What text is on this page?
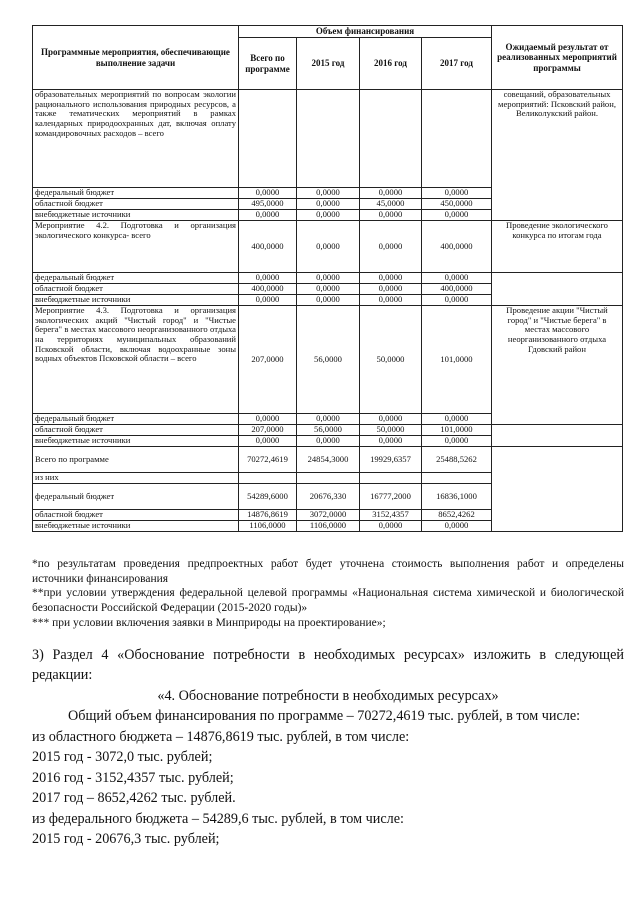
Программные мероприятия, обеспечивающие выполнение задачи	Объем финансирования				Ожидаемый результат от реализованных мероприятий программы
	Всего по программе	2015 год	2016 год	2017 год	
образовательных мероприятий по вопросам экологии рационального использования природных ресурсов, а также тематических мероприятий в рамках календарных природоохранных дат, включая оплату командировочных расходов – всего					совещаний, образовательных мероприятий: Псковский район, Великолукский район.
федеральный бюджет	0,0000	0,0000	0,0000	0,0000	
областной бюджет	495,0000	0,0000	45,0000	450,0000	
внебюджетные источники	0,0000	0,0000	0,0000	0,0000	
Мероприятие 4.2. Подготовка и организация экологического конкурса- всего	400,0000	0,0000	0,0000	400,0000	Проведение экологического конкурса по итогам года
федеральный бюджет	0,0000	0,0000	0,0000	0,0000	
областной бюджет	400,0000	0,0000	0,0000	400,0000	
внебюджетные источники	0,0000	0,0000	0,0000	0,0000	
Мероприятие 4.3. Подготовка и организация экологических акций "Чистый город" и "Чистые берега" в местах массового неорганизованного отдыха на территориях муниципальных образований Псковской области, включая водоохранные зоны водных объектов Псковской области – всего	207,0000	56,0000	50,0000	101,0000	Проведение акции "Чистый город" и "Чистые берега" в местах массового неорганизованного отдыха Гдовский район
федеральный бюджет	0,0000	0,0000	0,0000	0,0000	
областной бюджет	207,0000	56,0000	50,0000	101,0000	
внебюджетные источники	0,0000	0,0000	0,0000	0,0000	
Всего по программе	70272,4619	24854,3000	19929,6357	25488,5262	
из них					
федеральный бюджет	54289,6000	20676,330	16777,2000	16836,1000	
областной бюджет	14876,8619	3072,0000	3152,4357	8652,4262	
внебюджетные источники	1106,0000	1106,0000	0,0000	0,0000	

*по результатам проведения предпроектных работ будет уточнена стоимость выполнения работ и определены источники финансирования

**при условии утверждения федеральной целевой программы «Национальная система химической и биологической безопасности Российской Федерации (2015-2020 годы)»

*** при условии включения заявки в Минприроды на проектирование»;

3) Раздел 4 «Обоснование потребности в необходимых ресурсах» изложить в следующей редакции:

«4. Обоснование потребности в необходимых ресурсах»

Общий объем финансирования по программе – 70272,4619 тыс. рублей, в том числе:

из областного бюджета – 14876,8619 тыс. рублей, в том числе:

2015 год - 3072,0 тыс. рублей;

2016 год - 3152,4357 тыс. рублей;

2017 год – 8652,4262 тыс. рублей.

из федерального бюджета – 54289,6 тыс. рублей, в том числе:

2015 год - 20676,3 тыс. рублей;
